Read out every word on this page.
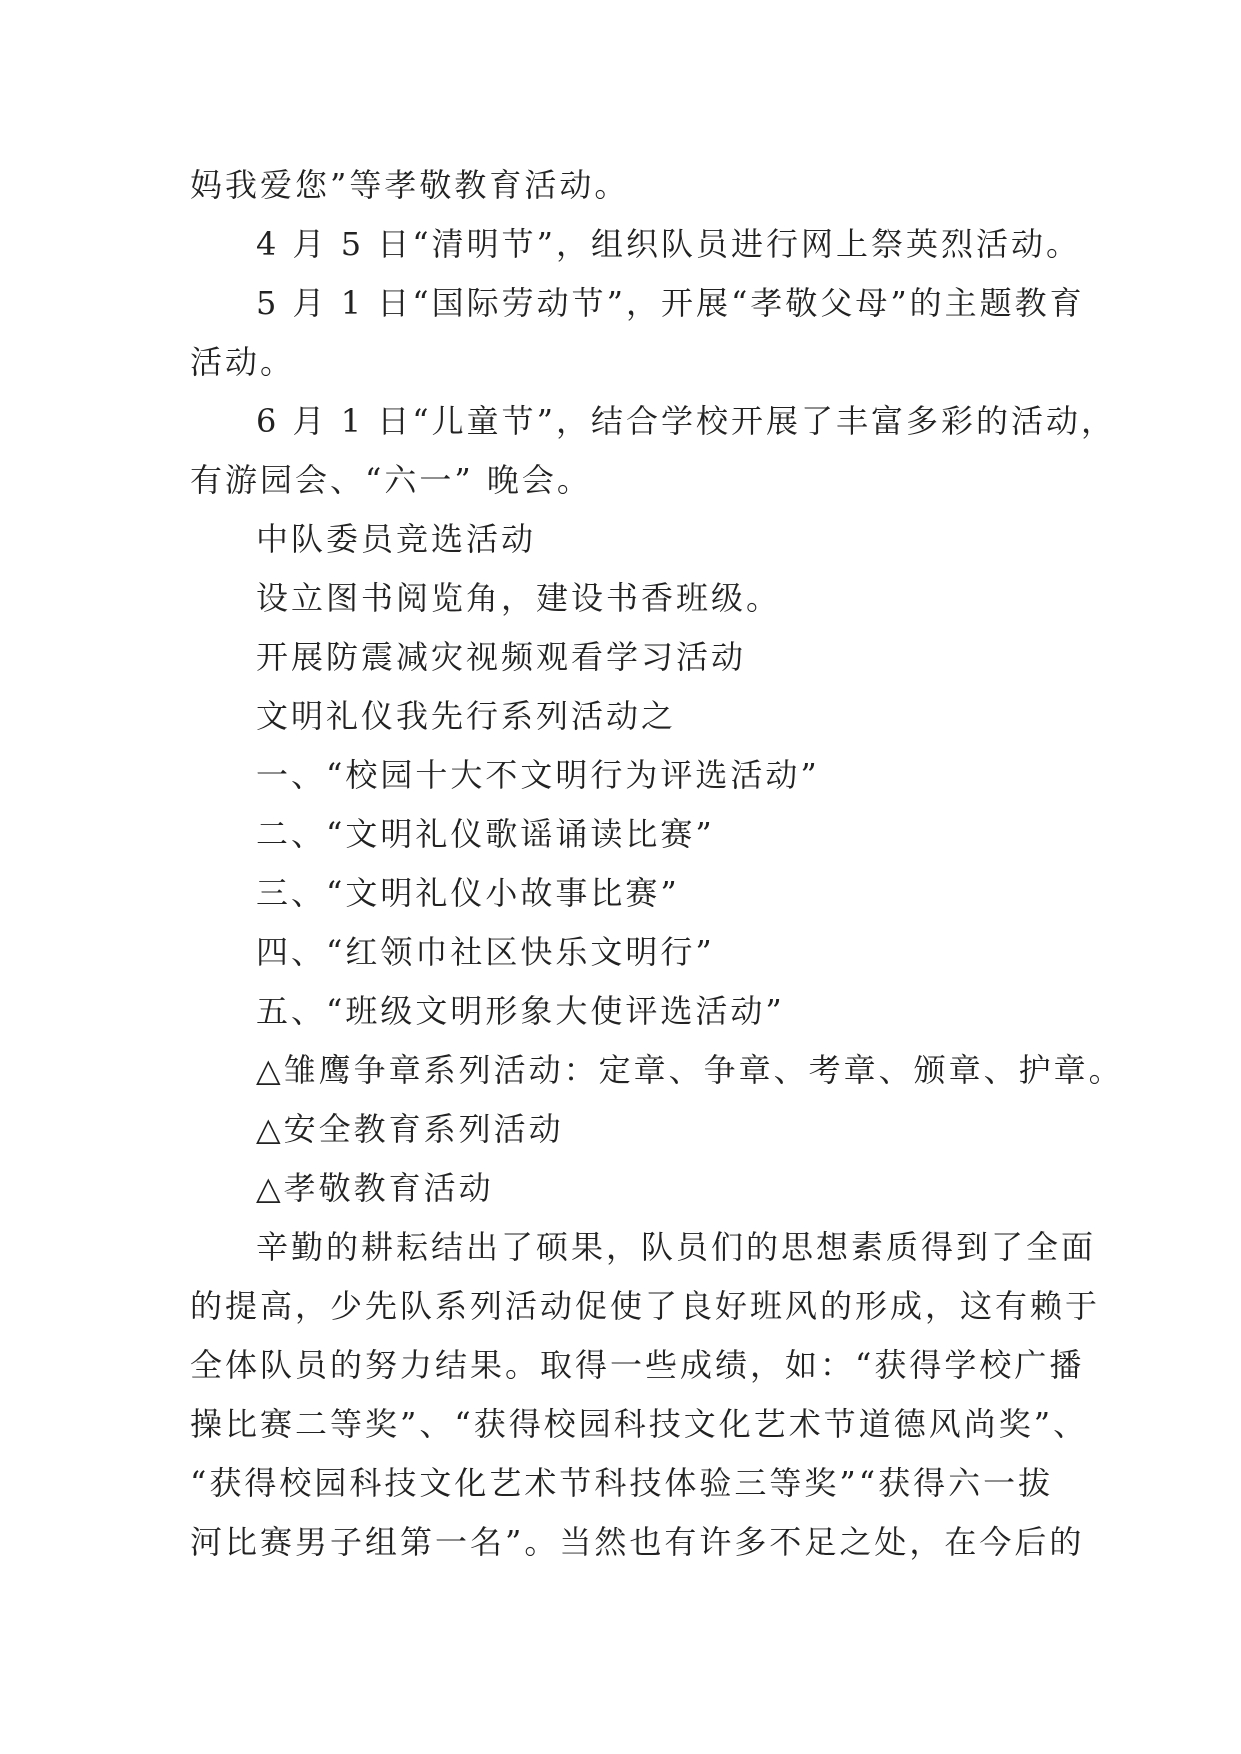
妈我爱您”等孝敬教育活动。
4 月 5 日“清明节”，组织队员进行网上祭英烈活动。
5 月 1 日“国际劳动节”，开展“孝敬父母”的主题教育
活动。
6 月 1 日“儿童节”，结合学校开展了丰富多彩的活动，
有游园会、“六一” 晚会。
中队委员竞选活动
设立图书阅览角，建设书香班级。
开展防震减灾视频观看学习活动
文明礼仪我先行系列活动之
一、“校园十大不文明行为评选活动”
二、“文明礼仪歌谣诵读比赛”
三、“文明礼仪小故事比赛”
四、“红领巾社区快乐文明行”
五、“班级文明形象大使评选活动”
△雏鹰争章系列活动：定章、争章、考章、颁章、护章。
△安全教育系列活动
△孝敬教育活动
辛勤的耕耘结出了硕果，队员们的思想素质得到了全面
的提高，少先队系列活动促使了良好班风的形成，这有赖于
全体队员的努力结果。取得一些成绩，如：“获得学校广播
操比赛二等奖”、“获得校园科技文化艺术节道德风尚奖”、
“获得校园科技文化艺术节科技体验三等奖”“获得六一拔
河比赛男子组第一名”。当然也有许多不足之处，在今后的
